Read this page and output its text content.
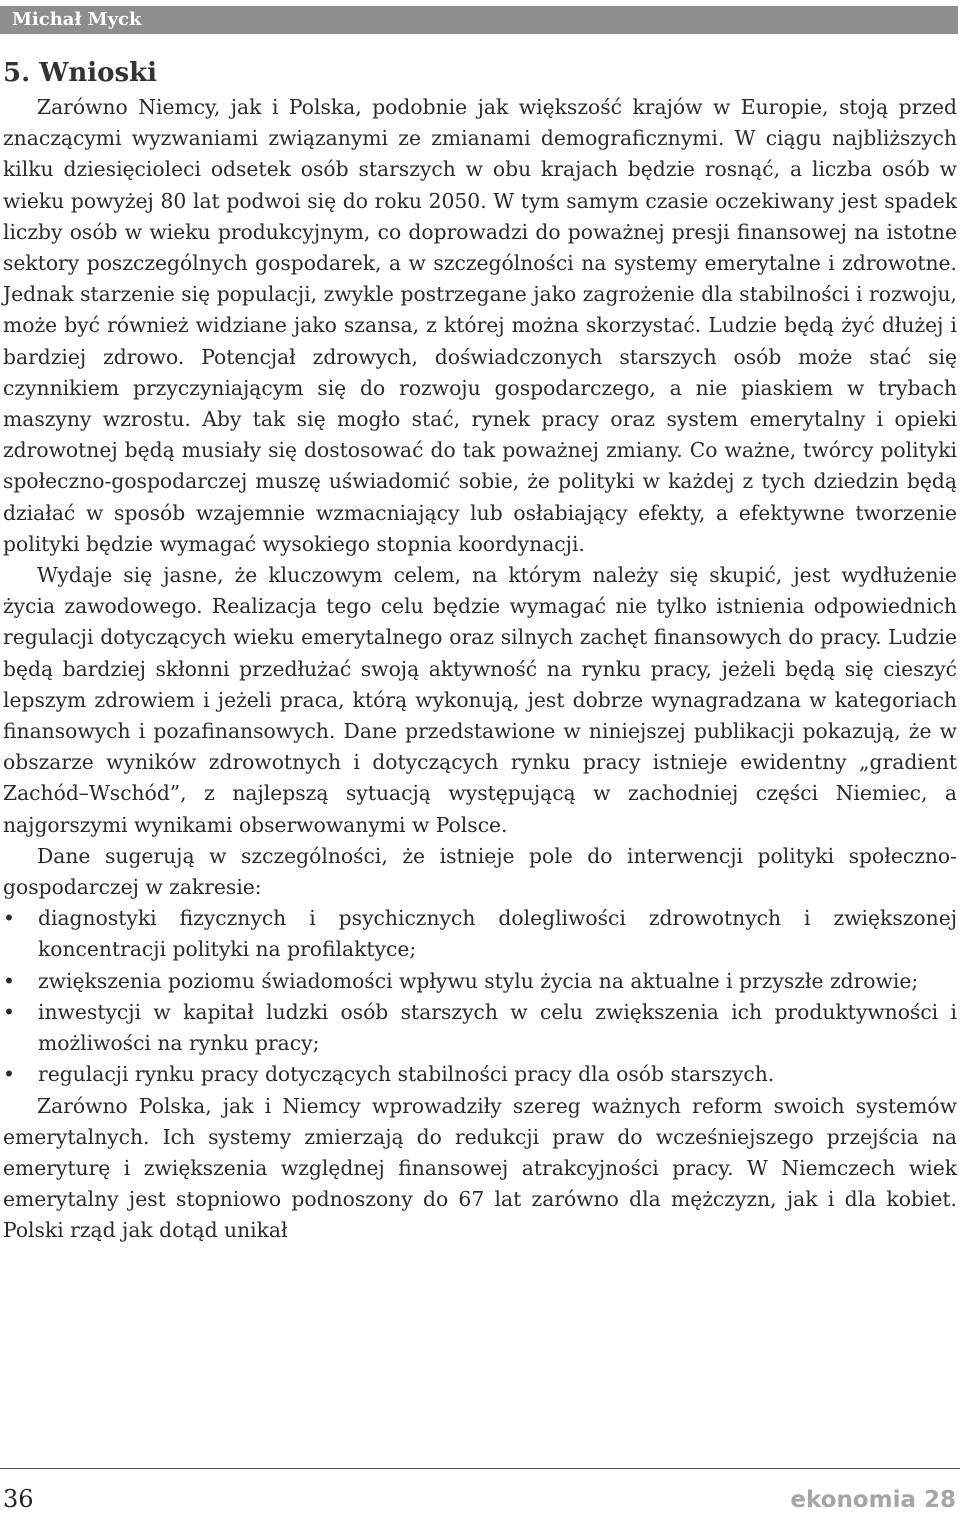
Michał Myck
5. Wnioski

Zarówno Niemcy, jak i Polska, podobnie jak większość krajów w Europie, stoją przed znaczącymi wyzwaniami związanymi ze zmianami demograficznymi. W ciągu najbliższych kilku dziesięcioleci odsetek osób starszych w obu krajach będzie rosnąć, a liczba osób w wieku powyżej 80 lat podwoi się do roku 2050. W tym samym czasie oczekiwany jest spadek liczby osób w wieku produkcyjnym, co doprowadzi do poważnej presji finansowej na istotne sektory poszczególnych gospodarek, a w szczególności na systemy emerytalne i zdrowotne. Jednak starzenie się populacji, zwykle postrzegane jako zagrożenie dla stabilności i rozwoju, może być również widziane jako szansa, z której można skorzystać. Ludzie będą żyć dłużej i bardziej zdrowo. Potencjał zdrowych, doświadczonych starszych osób może stać się czynnikiem przyczyniającym się do rozwoju gospodarczego, a nie piaskiem w trybach maszyny wzrostu. Aby tak się mogło stać, rynek pracy oraz system emerytalny i opieki zdrowotnej będą musiały się dostosować do tak poważnej zmiany. Co ważne, twórcy polityki społeczno-gospodarczej muszę uświadomić sobie, że polityki w każdej z tych dziedzin będą działać w sposób wzajemnie wzmacniający lub osłabiający efekty, a efektywne tworzenie polityki będzie wymagać wysokiego stopnia koordynacji.

Wydaje się jasne, że kluczowym celem, na którym należy się skupić, jest wydłużenie życia zawodowego. Realizacja tego celu będzie wymagać nie tylko istnienia odpowiednich regulacji dotyczących wieku emerytalnego oraz silnych zachęt finansowych do pracy. Ludzie będą bardziej skłonni przedłużać swoją aktywność na rynku pracy, jeżeli będą się cieszyć lepszym zdrowiem i jeżeli praca, którą wykonują, jest dobrze wynagradzana w kategoriach finansowych i pozafinansowych. Dane przedstawione w niniejszej publikacji pokazują, że w obszarze wyników zdrowotnych i dotyczących rynku pracy istnieje ewidentny „gradient Zachód–Wschód”, z najlepszą sytuacją występującą w zachodniej części Niemiec, a najgorszymi wynikami obserwowanymi w Polsce.

Dane sugerują w szczególności, że istnieje pole do interwencji polityki społeczno-gospodarczej w zakresie:

• diagnostyki fizycznych i psychicznych dolegliwości zdrowotnych i zwiększonej koncentracji polityki na profilaktyce;
• zwiększenia poziomu świadomości wpływu stylu życia na aktualne i przyszłe zdrowie;
• inwestycji w kapitał ludzki osób starszych w celu zwiększenia ich produktywności i możliwości na rynku pracy;
• regulacji rynku pracy dotyczących stabilności pracy dla osób starszych.

Zarówno Polska, jak i Niemcy wprowadziły szereg ważnych reform swoich systemów emerytalnych. Ich systemy zmierzają do redukcji praw do wcześniejszego przejścia na emeryturę i zwiększenia względnej finansowej atrakcyjności pracy. W Niemczech wiek emerytalny jest stopniowo podnoszony do 67 lat zarówno dla mężczyzn, jak i dla kobiet. Polski rząd jak dotąd unikał

36	ekonomia 28
